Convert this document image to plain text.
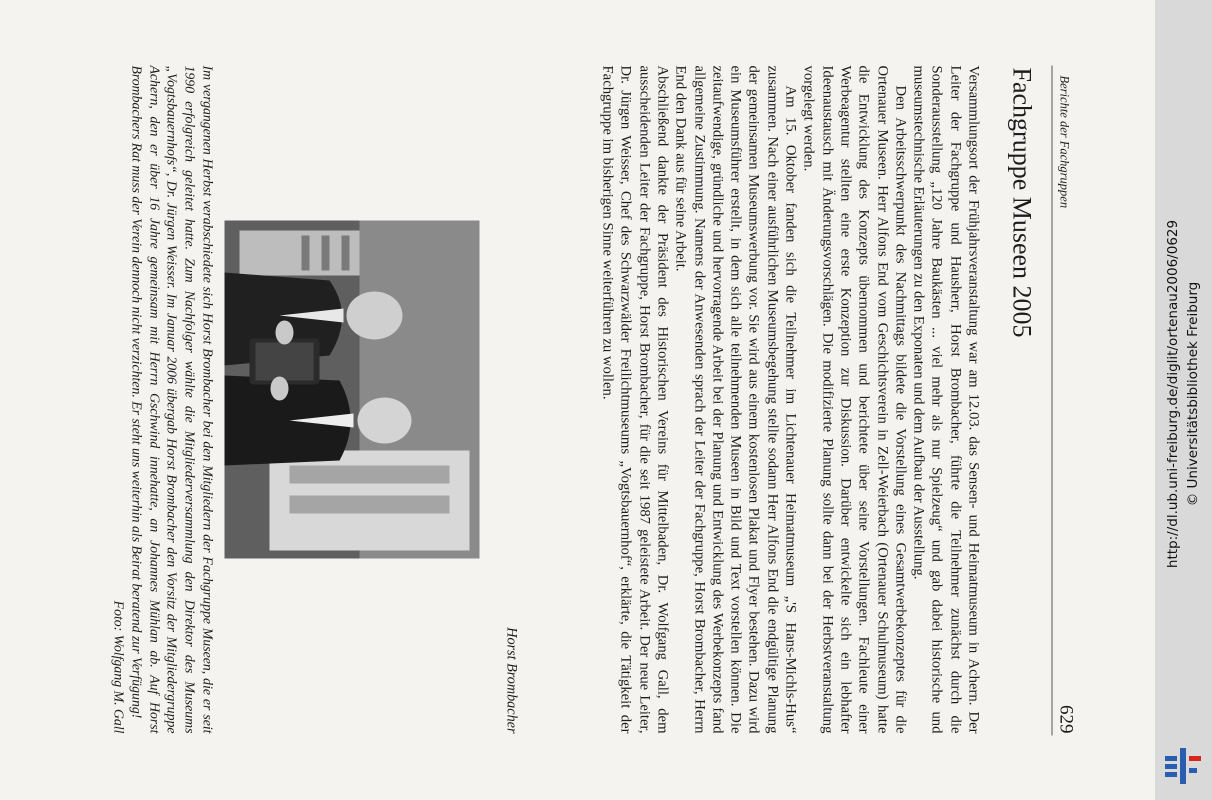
Berichte der Fachgruppen
629
Fachgruppe Museen 2005

Versammlungsort der Frühjahrsveranstaltung war am 12.03. das Sensen- und Heimatmuseum in Achern. Der Leiter der Fachgruppe und Hausherr, Horst Brombacher, führte die Teilnehmer zunächst durch die Sonderausstellung „120 Jahre Baukästen ... viel mehr als nur Spielzeug“ und gab dabei historische und museumstechnische Erläuterungen zu den Exponaten und dem Aufbau der Ausstellung.

Den Arbeitsschwerpunkt des Nachmittags bildete die Vorstellung eines Gesamtwerbekonzeptes für die Ortenauer Museen. Herr Alfons End vom Geschichtsverein in Zell-Weierbach (Ortenauer Schulmuseum) hatte die Entwicklung des Konzepts übernommen und berichtete über seine Vorstellungen. Fachleute einer Werbeagentur stellten eine erste Konzeption zur Diskussion. Darüber entwickelte sich ein lebhafter Ideenaustausch mit Änderungsvorschlägen. Die modifizierte Planung sollte dann bei der Herbstveranstaltung vorgelegt werden.

Am 15. Oktober fanden sich die Teilnehmer im Lichtenauer Heimatmuseum „'S Hans-Michls-Hus“ zusammen. Nach einer ausführlichen Museumsbegehung stellte sodann Herr Alfons End die endgültige Planung der gemeinsamen Museumswerbung vor. Sie wird aus einem kostenlosen Plakat und Flyer bestehen. Dazu wird ein Museumsführer erstellt, in dem sich alle teilnehmenden Museen in Bild und Text vorstellen können. Die zeitaufwendige, gründliche und hervorragende Arbeit bei der Planung und Entwicklung des Werbekonzepts fand allgemeine Zustimmung. Namens der Anwesenden sprach der Leiter der Fachgruppe, Horst Brombacher, Herrn End den Dank aus für seine Arbeit.

Abschließend dankte der Präsident des Historischen Vereins für Mittelbaden, Dr. Wolfgang Gall, dem ausscheidenden Leiter der Fachgruppe, Horst Brombacher, für die seit 1987 geleistete Arbeit. Der neue Leiter, Dr. Jürgen Weisser, Chef des Schwarzwälder Freilichtmuseums „Vogtsbauernhof“, erklärte, die Tätigkeit der Fachgruppe im bisherigen Sinne weiterführen zu wollen.

Horst Brombacher
Im vergangenen Herbst verabschiedete sich Horst Brombacher bei den Mitgliedern der Fachgruppe Museen, die er seit 1990 erfolgreich geleitet hatte. Zum Nachfolger wählte die Mitgliederversammlung den Direktor des Museums „Vogtsbauernhofs“, Dr. Jürgen Weisser. Im Januar 2006 übergab Horst Brombacher den Vorsitz der Mitgliedergruppe Achern, den er über 16 Jahre gemeinsam mit Herrn Gschwind innehatte, an Johannes Mühlan ab. Auf Horst Brombachers Rat muss der Verein dennoch nicht verzichten. Er steht uns weiterhin als Beirat beratend zur Verfügung!
Foto: Wolfgang M. Gall
http://dl.ub.uni-freiburg.de/diglit/ortenau2006/0629 © Universitätsbibliothek Freiburg
